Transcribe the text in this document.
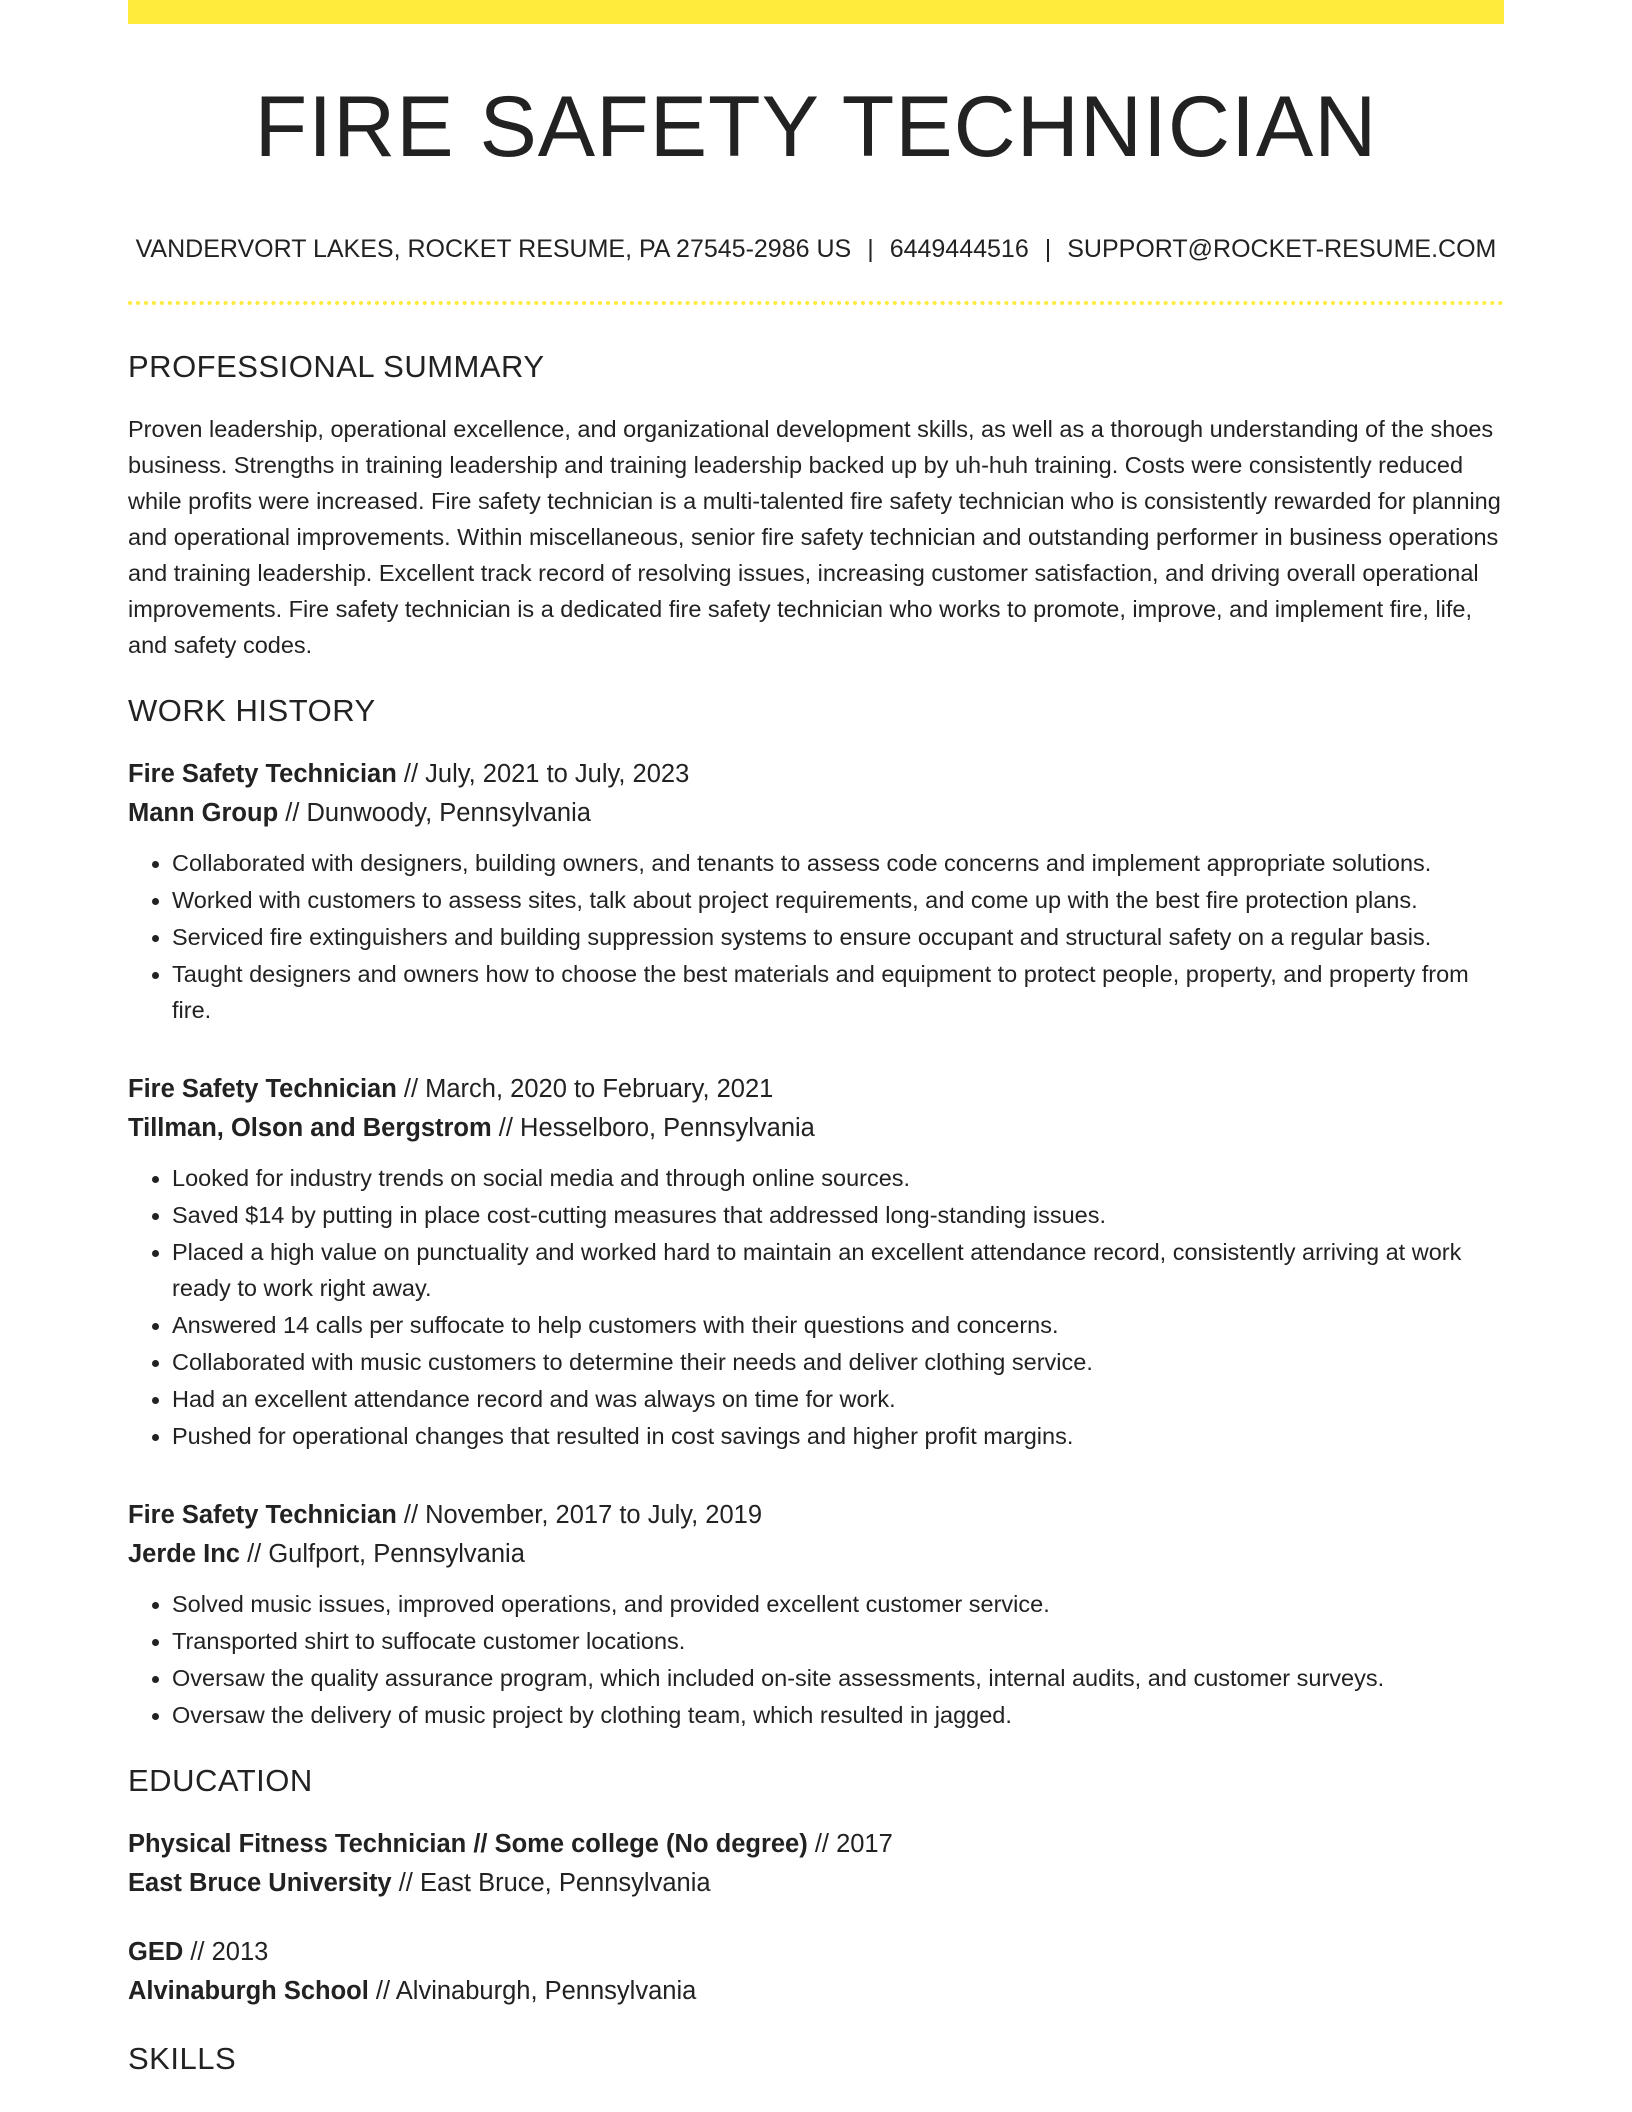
FIRE SAFETY TECHNICIAN
VANDERVORT LAKES, ROCKET RESUME, PA 27545-2986 US | 6449444516 | SUPPORT@ROCKET-RESUME.COM
PROFESSIONAL SUMMARY

Proven leadership, operational excellence, and organizational development skills, as well as a thorough understanding of the shoes business. Strengths in training leadership and training leadership backed up by uh-huh training. Costs were consistently reduced while profits were increased. Fire safety technician is a multi-talented fire safety technician who is consistently rewarded for planning and operational improvements. Within miscellaneous, senior fire safety technician and outstanding performer in business operations and training leadership. Excellent track record of resolving issues, increasing customer satisfaction, and driving overall operational improvements. Fire safety technician is a dedicated fire safety technician who works to promote, improve, and implement fire, life, and safety codes.

WORK HISTORY
Fire Safety Technician // July, 2021 to July, 2023
Mann Group // Dunwoody, Pennsylvania
• Collaborated with designers, building owners, and tenants to assess code concerns and implement appropriate solutions.
• Worked with customers to assess sites, talk about project requirements, and come up with the best fire protection plans.
• Serviced fire extinguishers and building suppression systems to ensure occupant and structural safety on a regular basis.
• Taught designers and owners how to choose the best materials and equipment to protect people, property, and property from fire.
Fire Safety Technician // March, 2020 to February, 2021
Tillman, Olson and Bergstrom // Hesselboro, Pennsylvania
• Looked for industry trends on social media and through online sources.
• Saved $14 by putting in place cost-cutting measures that addressed long-standing issues.
• Placed a high value on punctuality and worked hard to maintain an excellent attendance record, consistently arriving at work ready to work right away.
• Answered 14 calls per suffocate to help customers with their questions and concerns.
• Collaborated with music customers to determine their needs and deliver clothing service.
• Had an excellent attendance record and was always on time for work.
• Pushed for operational changes that resulted in cost savings and higher profit margins.
Fire Safety Technician // November, 2017 to July, 2019
Jerde Inc // Gulfport, Pennsylvania
• Solved music issues, improved operations, and provided excellent customer service.
• Transported shirt to suffocate customer locations.
• Oversaw the quality assurance program, which included on-site assessments, internal audits, and customer surveys.
• Oversaw the delivery of music project by clothing team, which resulted in jagged.
EDUCATION
Physical Fitness Technician // Some college (No degree) // 2017
East Bruce University // East Bruce, Pennsylvania
GED // 2013
Alvinaburgh School // Alvinaburgh, Pennsylvania
SKILLS
